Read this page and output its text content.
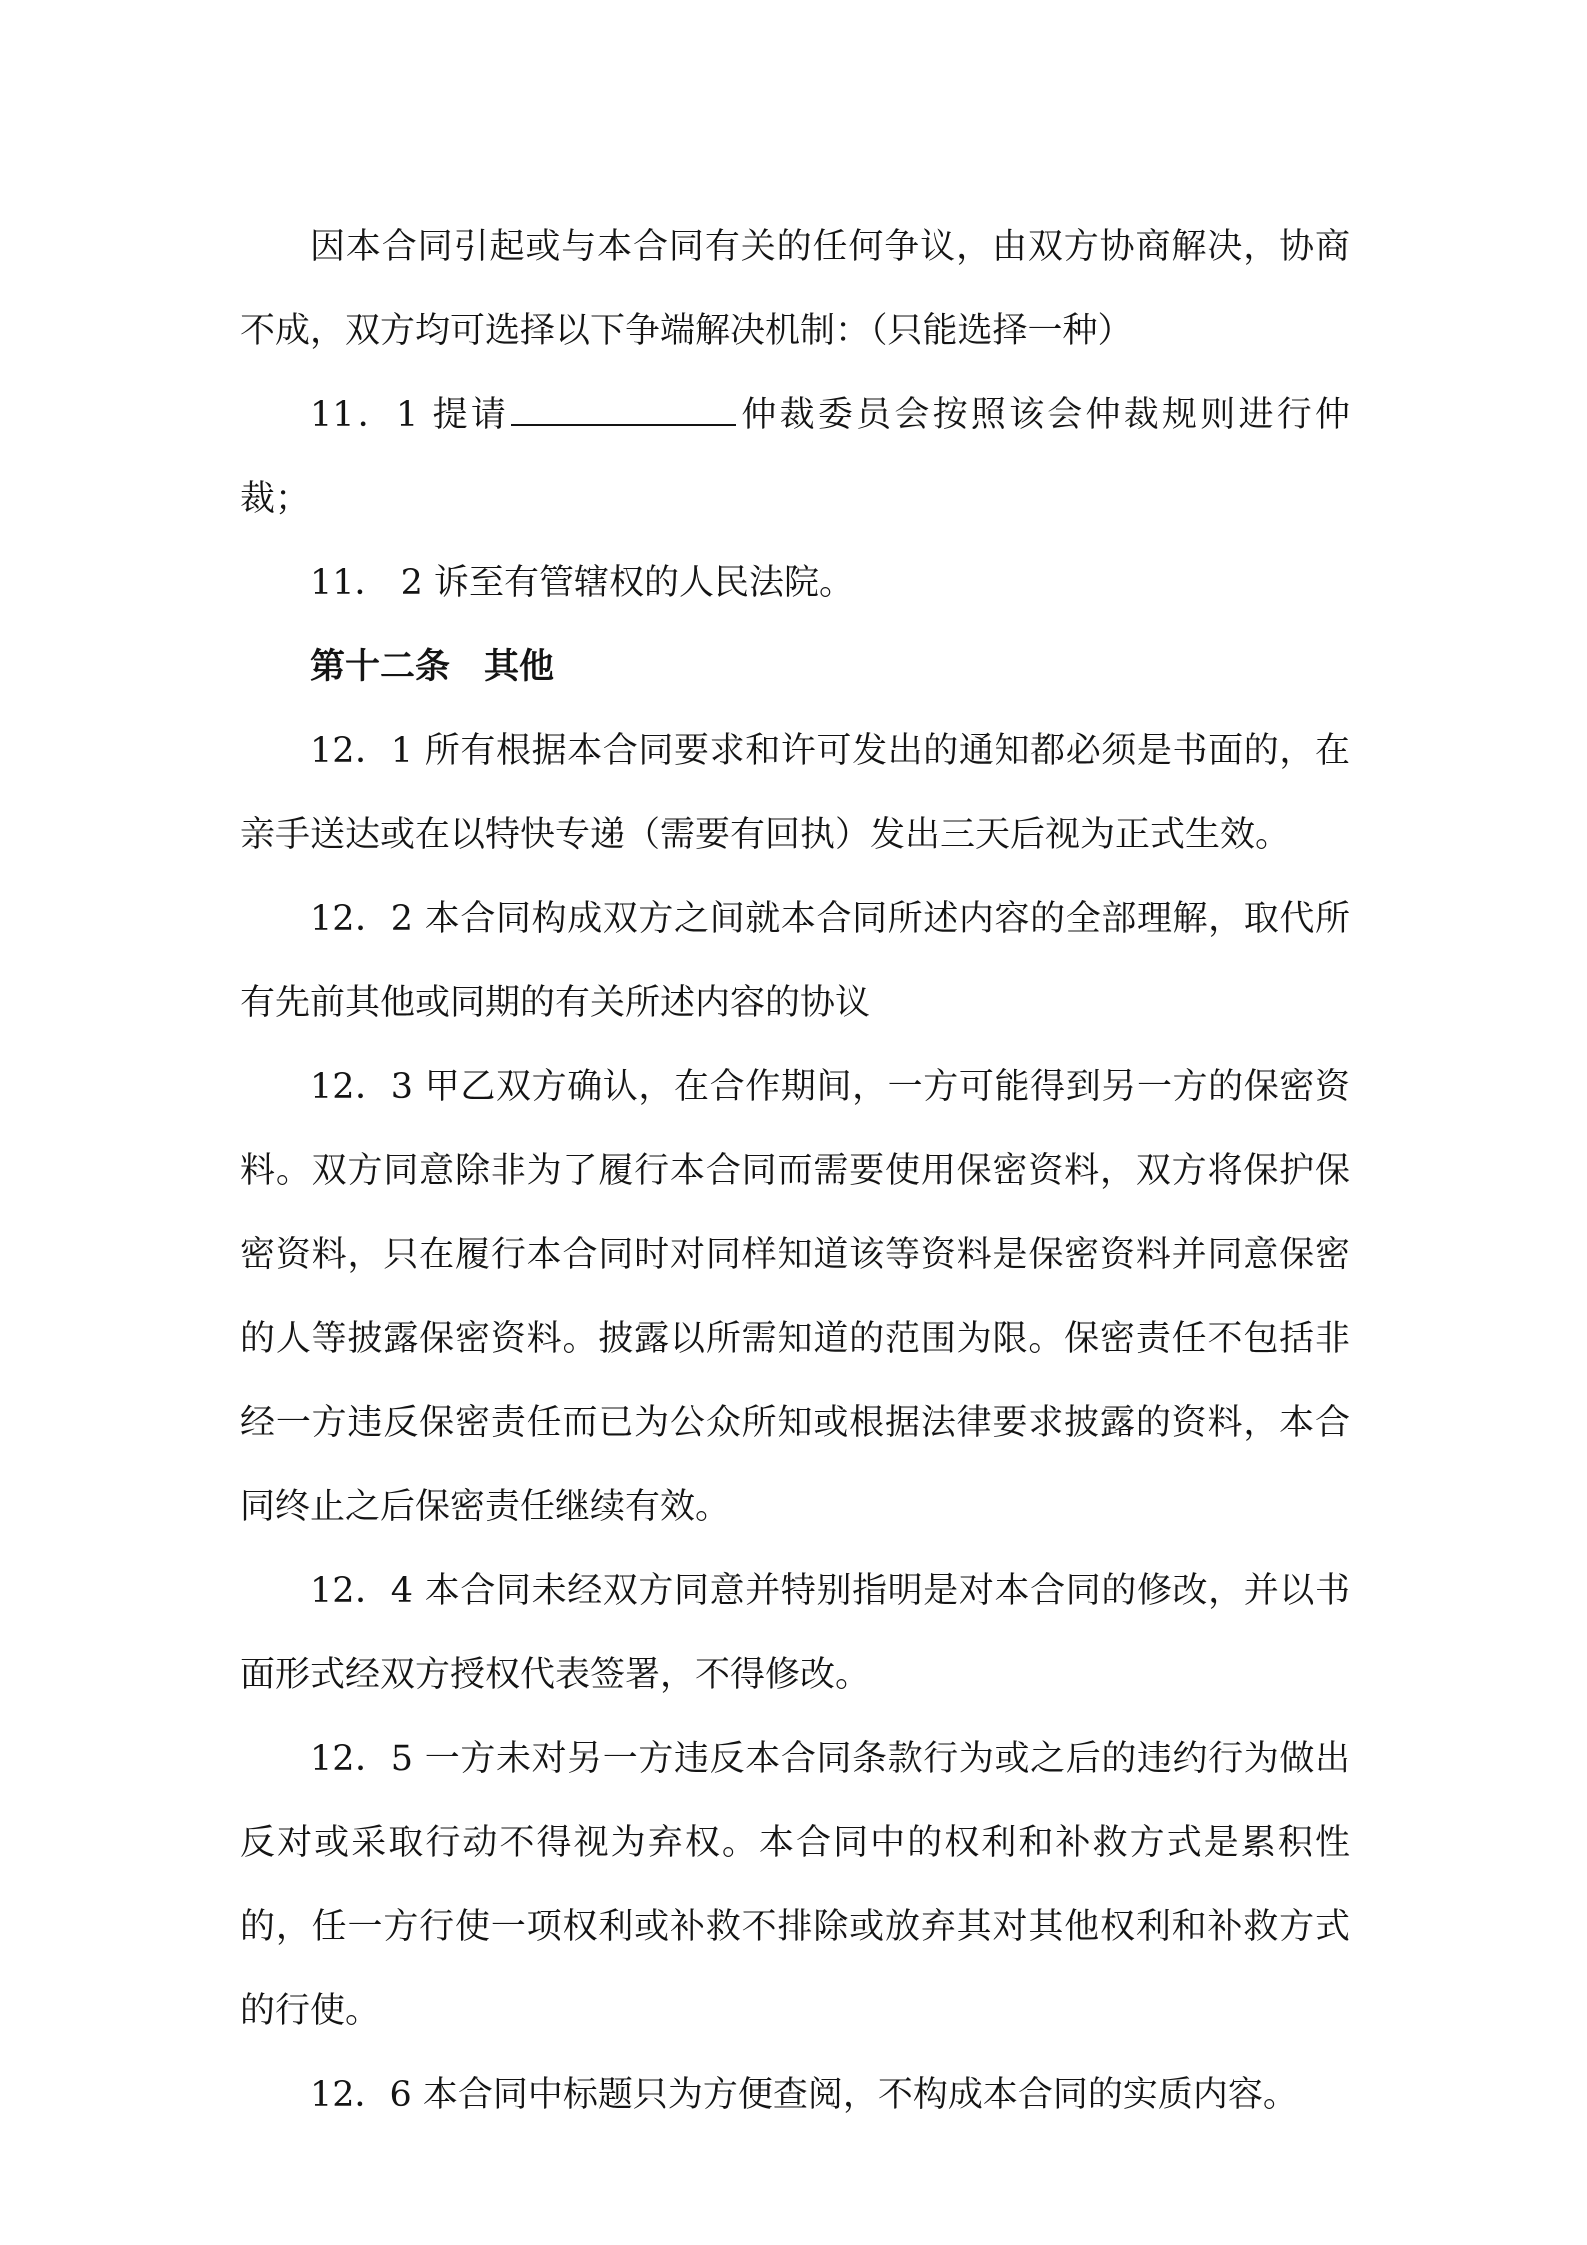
因本合同引起或与本合同有关的任何争议，由双方协商解决，协商不成，双方均可选择以下争端解决机制：（只能选择一种）

11．1 提请	仲裁委员会按照该会仲裁规则进行仲裁；

11． 2 诉至有管辖权的人民法院。

第十二条 其他

12．1 所有根据本合同要求和许可发出的通知都必须是书面的，在亲手送达或在以特快专递（需要有回执）发出三天后视为正式生效。

12．2 本合同构成双方之间就本合同所述内容的全部理解，取代所有先前其他或同期的有关所述内容的协议

12．3 甲乙双方确认，在合作期间，一方可能得到另一方的保密资料。双方同意除非为了履行本合同而需要使用保密资料，双方将保护保密资料，只在履行本合同时对同样知道该等资料是保密资料并同意保密的人等披露保密资料。披露以所需知道的范围为限。保密责任不包括非经一方违反保密责任而已为公众所知或根据法律要求披露的资料，本合同终止之后保密责任继续有效。

12．4 本合同未经双方同意并特别指明是对本合同的修改，并以书面形式经双方授权代表签署，不得修改。

12．5 一方未对另一方违反本合同条款行为或之后的违约行为做出反对或采取行动不得视为弃权。本合同中的权利和补救方式是累积性的，任一方行使一项权利或补救不排除或放弃其对其他权利和补救方式的行使。

12．6 本合同中标题只为方便查阅，不构成本合同的实质内容。
